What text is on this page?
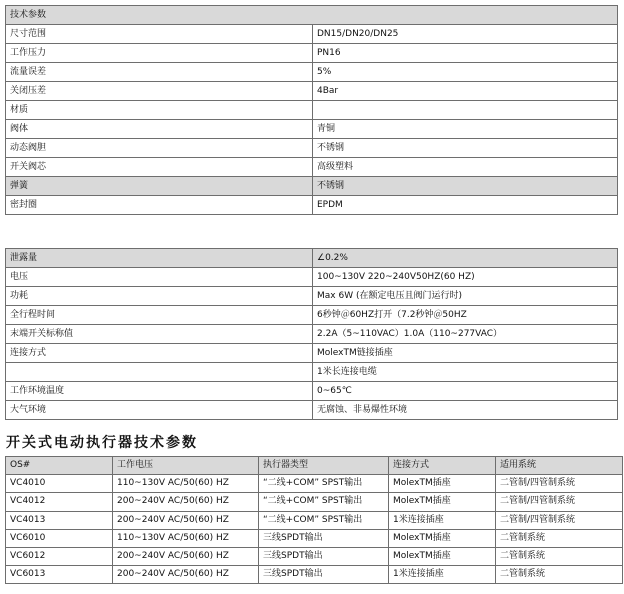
技术参数	
尺寸范围	DN15/DN20/DN25
工作压力	PN16
流量误差	5%
关闭压差	4Bar
材质	
阀体	青铜
动态阀胆	不锈钢
开关阀芯	高级塑料
弹簧	不锈钢
密封圈	EPDM
泄露量	∠0.2%
电压	100~130V 220~240V50HZ(60 HZ)
功耗	Max 6W (在额定电压且阀门运行时)
全行程时间	6秒钟＠60HZ打开（7.2秒钟＠50HZ
末端开关标称值	2.2A（5~110VAC）1.0A（110~277VAC）
连接方式	MolexTM链接插座
	1米长连接电缆
工作环境温度	0~65℃
大气环境	无腐蚀、非易爆性环境
开关式电动执行器技术参数
OS#	工作电压	执行器类型	连接方式	适用系统
VC4010	110~130V AC/50(60) HZ	“二线+COM” SPST输出	MolexTM插座	二管制/四管制系统
VC4012	200~240V AC/50(60) HZ	“二线+COM” SPST输出	MolexTM插座	二管制/四管制系统
VC4013	200~240V AC/50(60) HZ	“二线+COM” SPST输出	1米连接插座	二管制/四管制系统
VC6010	110~130V AC/50(60) HZ	三线SPDT输出	MolexTM插座	二管制系统
VC6012	200~240V AC/50(60) HZ	三线SPDT输出	MolexTM插座	二管制系统
VC6013	200~240V AC/50(60) HZ	三线SPDT输出	1米连接插座	二管制系统
